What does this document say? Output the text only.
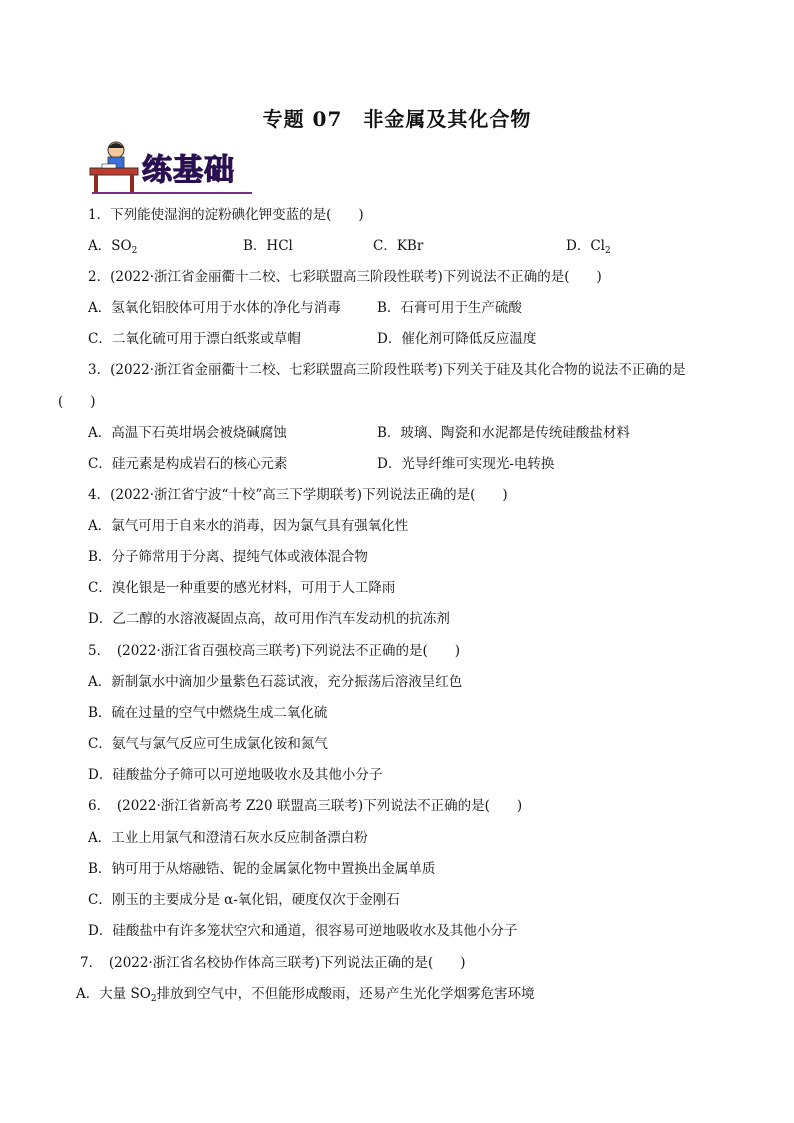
专题 07　非金属及其化合物
练基础
1．下列能使湿润的淀粉碘化钾变蓝的是(　　)
A．$SO_2$	B．HCl	C．KBr	D．$Cl_2$
2．(2022·浙江省金丽衢十二校、七彩联盟高三阶段性联考)下列说法不正确的是(　　)
A．氢氧化铝胶体可用于水体的净化与消毒	B．石膏可用于生产硫酸
C．二氧化硫可用于漂白纸浆或草帽	D．催化剂可降低反应温度
3．(2022·浙江省金丽衢十二校、七彩联盟高三阶段性联考)下列关于硅及其化合物的说法不正确的是
(　　)
A．高温下石英坩埚会被烧碱腐蚀	B．玻璃、陶瓷和水泥都是传统硅酸盐材料
C．硅元素是构成岩石的核心元素	D．光导纤维可实现光-电转换
4．(2022·浙江省宁波“十校”高三下学期联考)下列说法正确的是(　　)
A．氯气可用于自来水的消毒，因为氯气具有强氧化性
B．分子筛常用于分离、提纯气体或液体混合物
C．溴化银是一种重要的感光材料，可用于人工降雨
D．乙二醇的水溶液凝固点高，故可用作汽车发动机的抗冻剂
5．　(2022·浙江省百强校高三联考)下列说法不正确的是(　　)
A．新制氯水中滴加少量紫色石蕊试液，充分振荡后溶液呈红色
B．硫在过量的空气中燃烧生成二氧化硫
C．氨气与氯气反应可生成氯化铵和氮气
D．硅酸盐分子筛可以可逆地吸收水及其他小分子
6．　(2022·浙江省新高考 Z20 联盟高三联考)下列说法不正确的是(　　)
A．工业上用氯气和澄清石灰水反应制备漂白粉
B．钠可用于从熔融锆、铌的金属氯化物中置换出金属单质
C．刚玉的主要成分是 α-氧化铝，硬度仅次于金刚石
D．硅酸盐中有许多笼状空穴和通道，很容易可逆地吸收水及其他小分子
7．　(2022·浙江省名校协作体高三联考)下列说法正确的是(　　)
A．大量 $SO_2$排放到空气中，不但能形成酸雨，还易产生光化学烟雾危害环境
